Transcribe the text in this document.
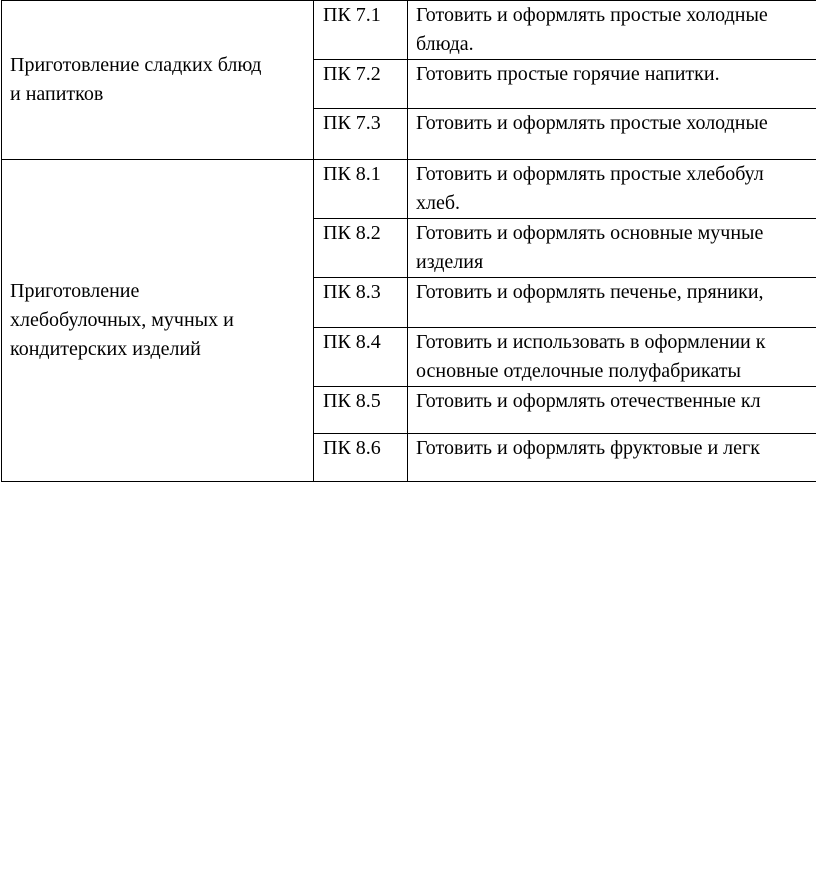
Приготовление сладких блюд
и напитков	ПК 7.1	Готовить и оформлять простые холодные
блюда.

	ПК 7.2	Готовить простые горячие напитки.

	ПК 7.3	Готовить и оформлять простые холодные

Приготовление
хлебобулочных, мучных и
кондитерских изделий	ПК 8.1	Готовить и оформлять простые хлебобул
хлеб.

	ПК 8.2	Готовить и оформлять основные мучные
изделия

	ПК 8.3	Готовить и оформлять печенье, пряники,

	ПК 8.4	Готовить и использовать в оформлении к
основные отделочные полуфабрикаты

	ПК 8.5	Готовить и оформлять отечественные кл

	ПК 8.6	Готовить и оформлять фруктовые и легк
